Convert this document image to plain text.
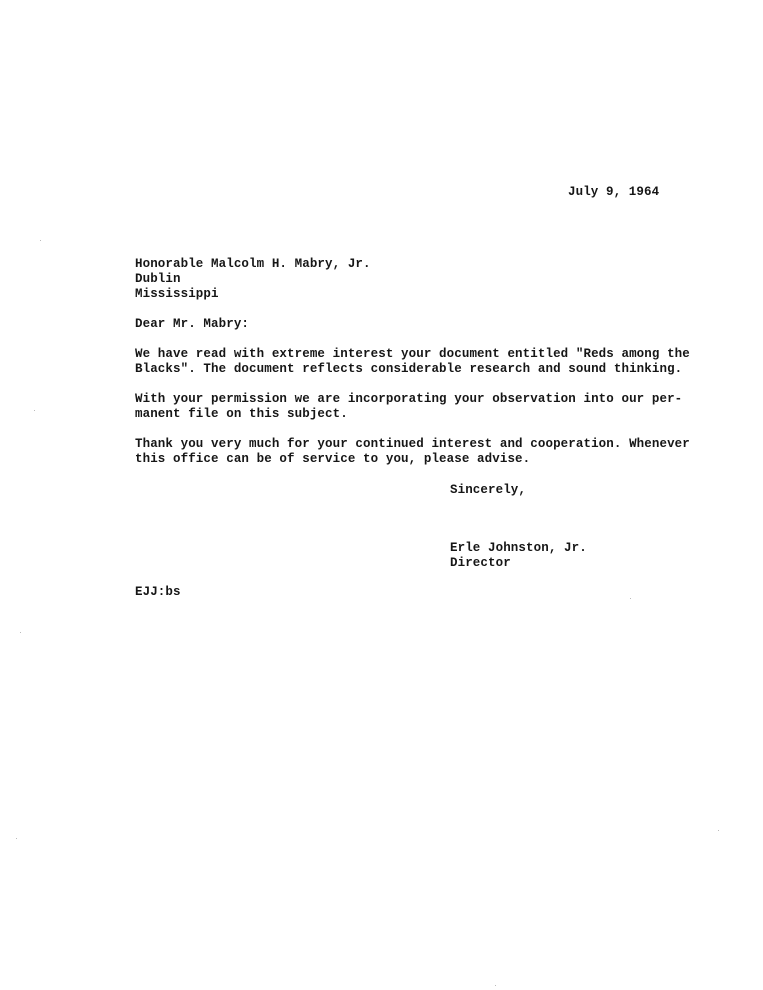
July 9, 1964
Honorable Malcolm H. Mabry, Jr.
Dublin
Mississippi
Dear Mr. Mabry:
We have read with extreme interest your document entitled "Reds among the
Blacks". The document reflects considerable research and sound thinking.
With your permission we are incorporating your observation into our per-
manent file on this subject.
Thank you very much for your continued interest and cooperation. Whenever
this office can be of service to you, please advise.
Sincerely,
Erle Johnston, Jr.
Director
EJJ:bs
